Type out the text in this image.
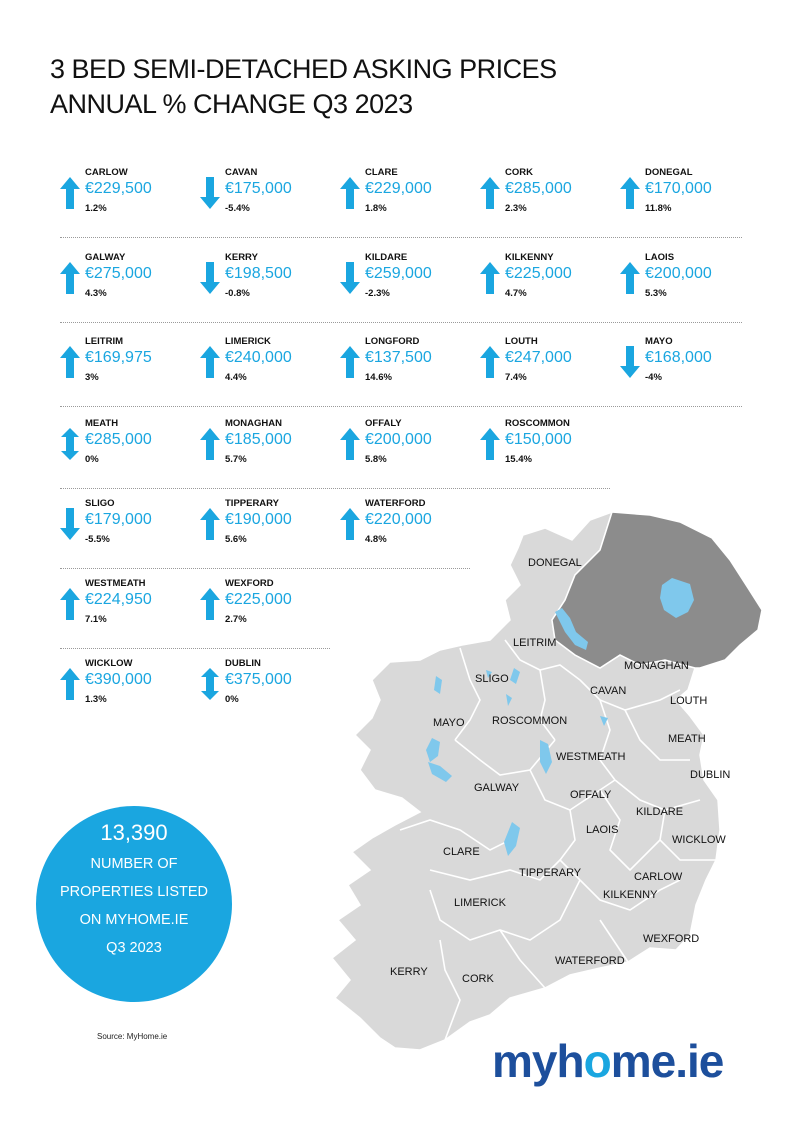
3 BED SEMI-DETACHED ASKING PRICES
ANNUAL % CHANGE Q3 2023
CARLOW
€229,500
1.2%
CAVAN
€175,000
-5.4%
CLARE
€229,000
1.8%
CORK
€285,000
2.3%
DONEGAL
€170,000
11.8%
GALWAY
€275,000
4.3%
KERRY
€198,500
-0.8%
KILDARE
€259,000
-2.3%
KILKENNY
€225,000
4.7%
LAOIS
€200,000
5.3%
LEITRIM
€169,975
3%
LIMERICK
€240,000
4.4%
LONGFORD
€137,500
14.6%
LOUTH
€247,000
7.4%
MAYO
€168,000
-4%
MEATH
€285,000
0%
MONAGHAN
€185,000
5.7%
OFFALY
€200,000
5.8%
ROSCOMMON
€150,000
15.4%
SLIGO
€179,000
-5.5%
TIPPERARY
€190,000
5.6%
WATERFORD
€220,000
4.8%
WESTMEATH
€224,950
7.1%
WEXFORD
€225,000
2.7%
WICKLOW
€390,000
1.3%
DUBLIN
€375,000
0%
DONEGAL
LEITRIM
MONAGHAN
SLIGO
CAVAN
LOUTH
MAYO ROSCOMMON
MEATH
WESTMEATH
DUBLIN
GALWAY
OFFALY
KILDARE
LAOIS
WICKLOW
CLARE
TIPPERARY	CARLOW
KILKENNY
LIMERICK
WEXFORD
WATERFORD
KERRY
CORK
13,390
NUMBER OF
PROPERTIES LISTED
ON MYHOME.IE
Q3 2023
Source: MyHome.ie	myhome.ie
